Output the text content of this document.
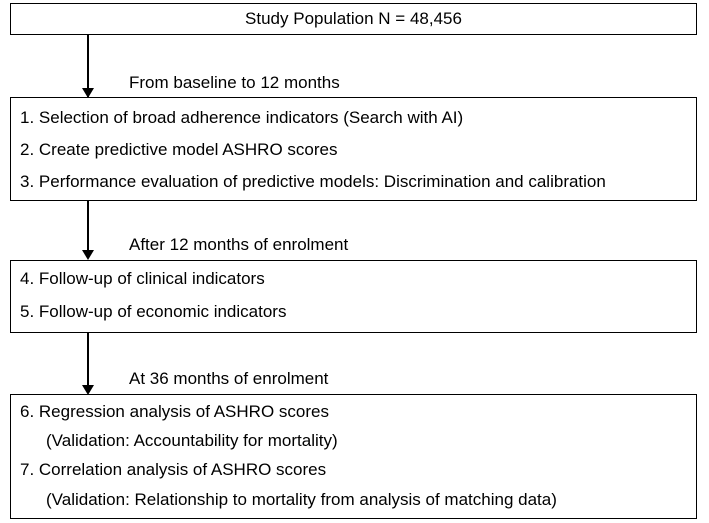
Study Population N = 48,456
From baseline to 12 months
1. Selection of broad adherence indicators (Search with AI)
2. Create predictive model ASHRO scores
3. Performance evaluation of predictive models: Discrimination and calibration
After 12 months of enrolment
4. Follow-up of clinical indicators
5. Follow-up of economic indicators
At 36 months of enrolment
6. Regression analysis of ASHRO scores
(Validation: Accountability for mortality)
7. Correlation analysis of ASHRO scores
(Validation: Relationship to mortality from analysis of matching data)
